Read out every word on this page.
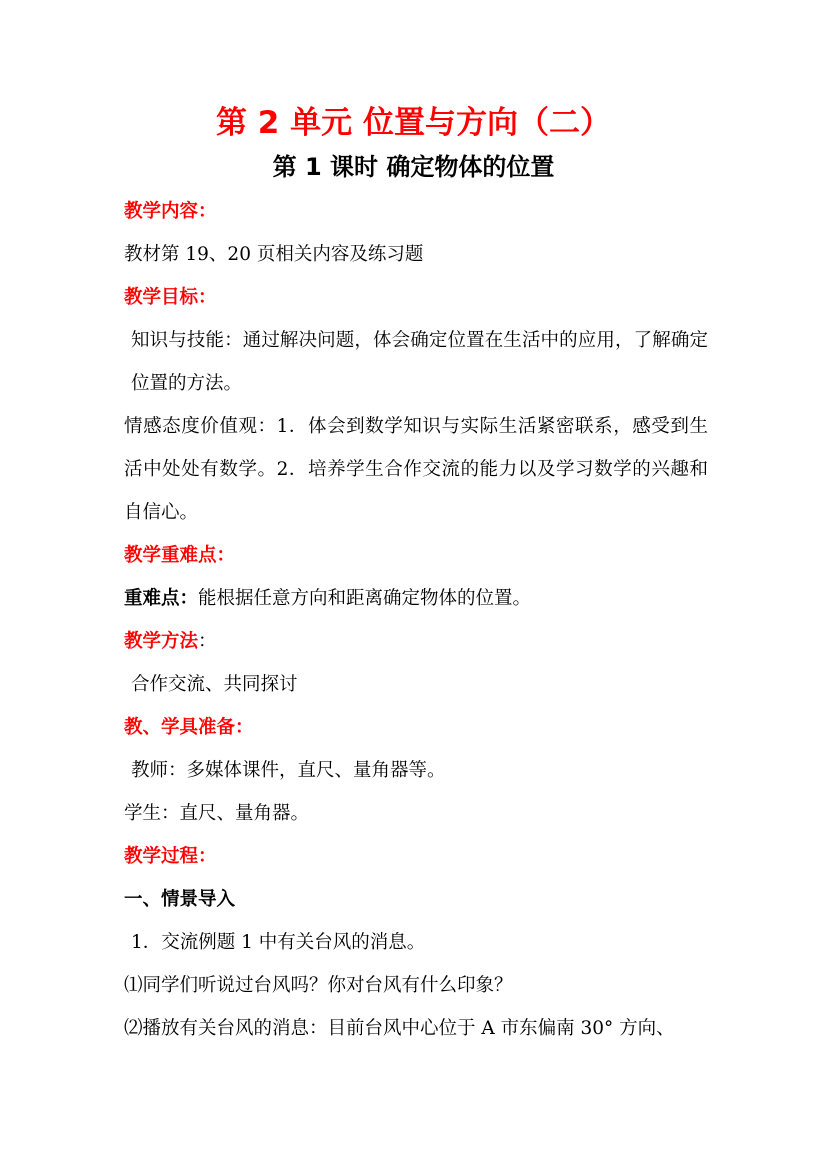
第 2 单元 位置与方向（二）
第 1 课时 确定物体的位置
教学内容：
教材第 19、20 页相关内容及练习题
教学目标：
知识与技能：通过解决问题，体会确定位置在生活中的应用，了解确定位置的方法。
情感态度价值观：1．体会到数学知识与实际生活紧密联系，感受到生活中处处有数学。2．培养学生合作交流的能力以及学习数学的兴趣和自信心。
教学重难点：
重难点：能根据任意方向和距离确定物体的位置。
教学方法：
合作交流、共同探讨
教、学具准备：
教师：多媒体课件，直尺、量角器等。
学生：直尺、量角器。
教学过程：
一、情景导入
1．交流例题 1 中有关台风的消息。
⑴同学们听说过台风吗？你对台风有什么印象？
⑵播放有关台风的消息：目前台风中心位于 A 市东偏南 30° 方向、
